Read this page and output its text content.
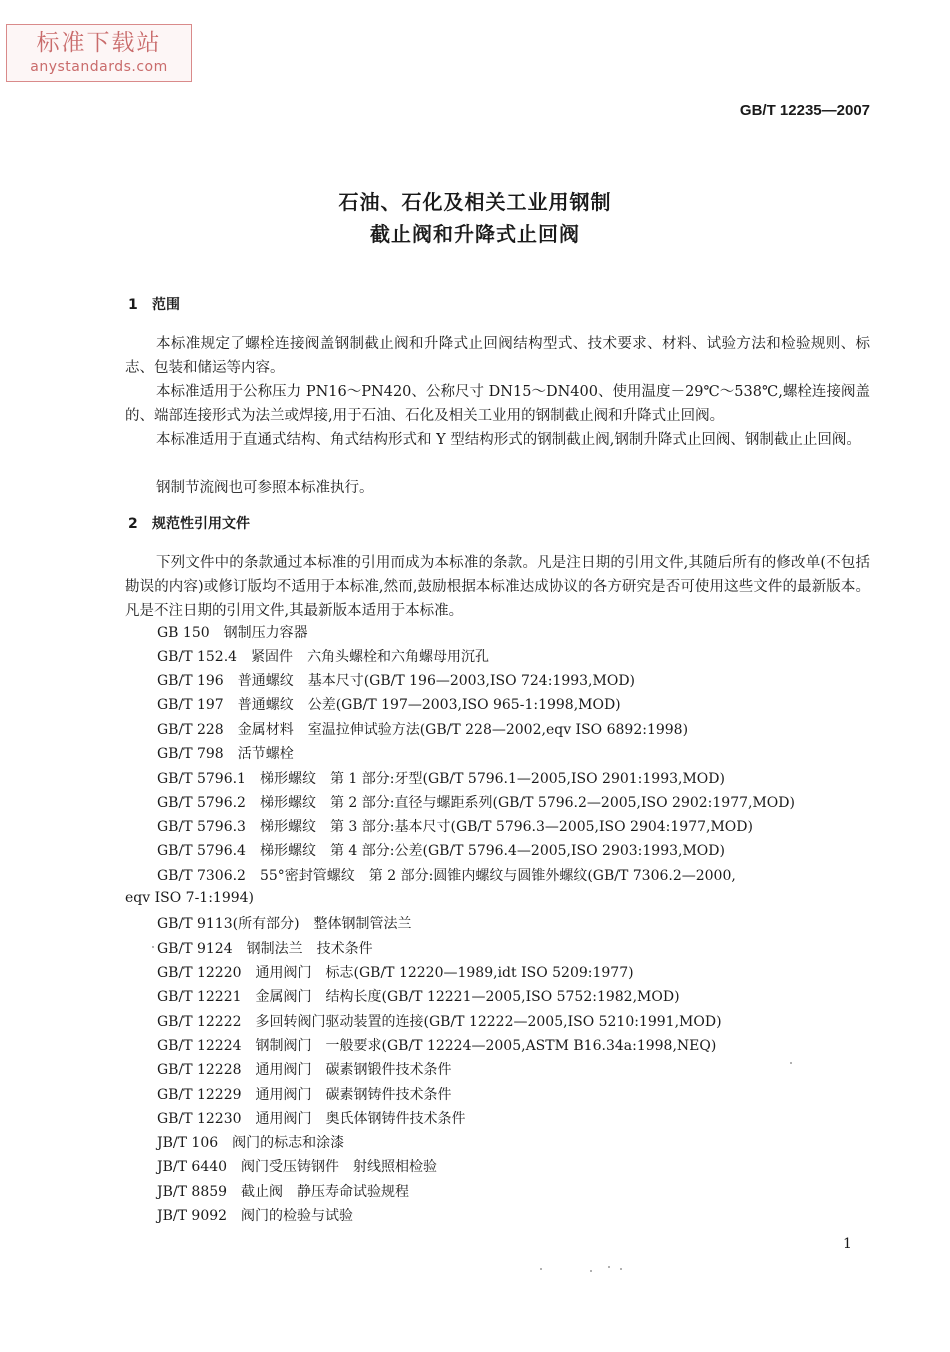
标准下载站
anystandards.com
GB/T 12235—2007
石油、石化及相关工业用钢制
截止阀和升降式止回阀
1 范围

本标准规定了螺栓连接阀盖钢制截止阀和升降式止回阀结构型式、技术要求、材料、试验方法和检验规则、标志、包装和储运等内容。

本标准适用于公称压力 PN16～PN420、公称尺寸 DN15～DN400、使用温度－29℃～538℃,螺栓连接阀盖的、端部连接形式为法兰或焊接,用于石油、石化及相关工业用的钢制截止阀和升降式止回阀。

本标准适用于直通式结构、角式结构形式和 Y 型结构形式的钢制截止阀,钢制升降式止回阀、钢制截止止回阀。

钢制节流阀也可参照本标准执行。

2 规范性引用文件

下列文件中的条款通过本标准的引用而成为本标准的条款。凡是注日期的引用文件,其随后所有的修改单(不包括勘误的内容)或修订版均不适用于本标准,然而,鼓励根据本标准达成协议的各方研究是否可使用这些文件的最新版本。凡是不注日期的引用文件,其最新版本适用于本标准。

GB 150 钢制压力容器
GB/T 152.4 紧固件 六角头螺栓和六角螺母用沉孔
GB/T 196 普通螺纹 基本尺寸(GB/T 196—2003,ISO 724:1993,MOD)
GB/T 197 普通螺纹 公差(GB/T 197—2003,ISO 965-1:1998,MOD)
GB/T 228 金属材料 室温拉伸试验方法(GB/T 228—2002,eqv ISO 6892:1998)
GB/T 798 活节螺栓
GB/T 5796.1 梯形螺纹 第 1 部分:牙型(GB/T 5796.1—2005,ISO 2901:1993,MOD)
GB/T 5796.2 梯形螺纹 第 2 部分:直径与螺距系列(GB/T 5796.2—2005,ISO 2902:1977,MOD)
GB/T 5796.3 梯形螺纹 第 3 部分:基本尺寸(GB/T 5796.3—2005,ISO 2904:1977,MOD)
GB/T 5796.4 梯形螺纹 第 4 部分:公差(GB/T 5796.4—2005,ISO 2903:1993,MOD)
GB/T 7306.2 55°密封管螺纹 第 2 部分:圆锥内螺纹与圆锥外螺纹(GB/T 7306.2—2000,
eqv ISO 7-1:1994)
GB/T 9113(所有部分) 整体钢制管法兰
GB/T 9124 钢制法兰 技术条件
GB/T 12220 通用阀门 标志(GB/T 12220—1989,idt ISO 5209:1977)
GB/T 12221 金属阀门 结构长度(GB/T 12221—2005,ISO 5752:1982,MOD)
GB/T 12222 多回转阀门驱动装置的连接(GB/T 12222—2005,ISO 5210:1991,MOD)
GB/T 12224 钢制阀门 一般要求(GB/T 12224—2005,ASTM B16.34a:1998,NEQ)
GB/T 12228 通用阀门 碳素钢锻件技术条件
GB/T 12229 通用阀门 碳素钢铸件技术条件
GB/T 12230 通用阀门 奥氏体钢铸件技术条件
JB/T 106 阀门的标志和涂漆
JB/T 6440 阀门受压铸钢件 射线照相检验
JB/T 8859 截止阀 静压寿命试验规程
JB/T 9092 阀门的检验与试验
1
